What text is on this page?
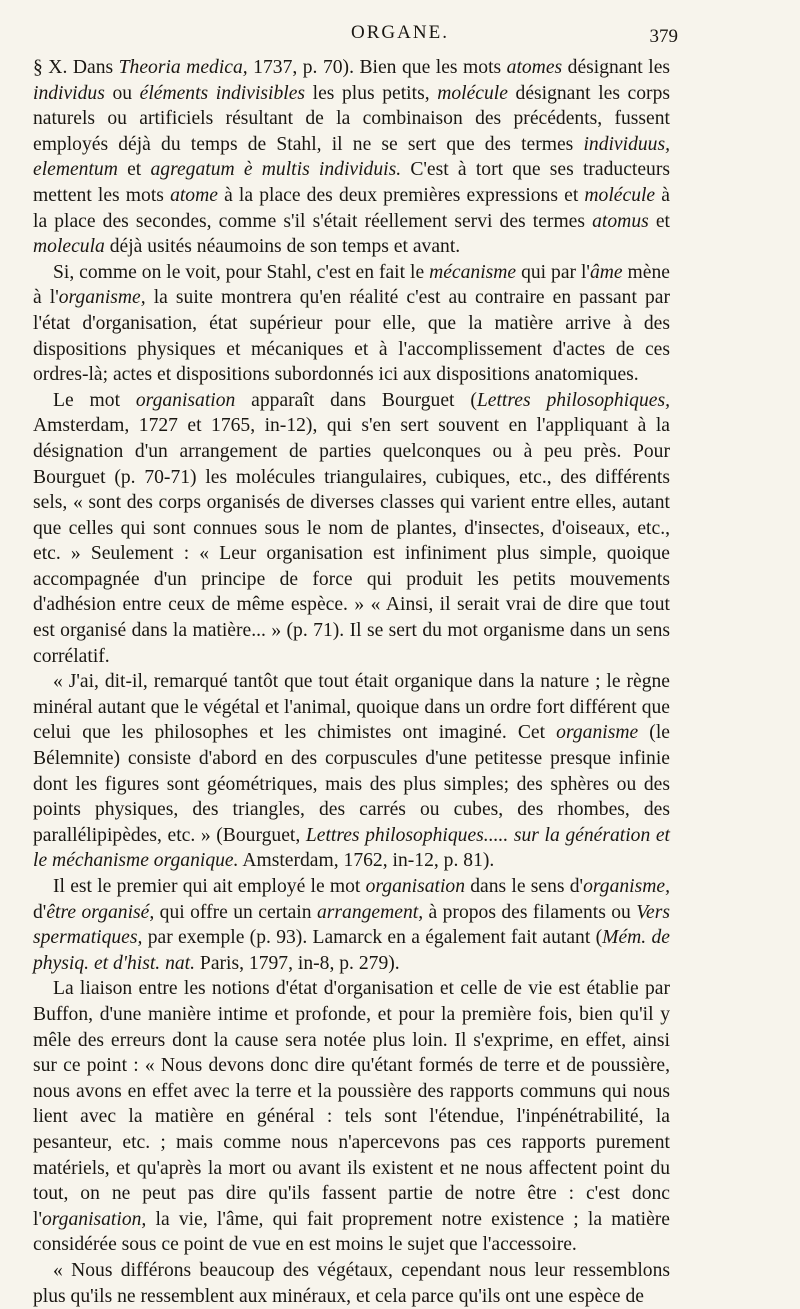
ORGANE.	379

§ X. Dans Theoria medica, 1737, p. 70). Bien que les mots atomes désignant les individus ou éléments indivisibles les plus petits, molécule désignant les corps naturels ou artificiels résultant de la combinaison des précédents, fussent employés déjà du temps de Stahl, il ne se sert que des termes individuus, elementum et agregatum è multis individuis. C'est à tort que ses traducteurs mettent les mots atome à la place des deux premières expressions et molécule à la place des secondes, comme s'il s'était réellement servi des termes atomus et molecula déjà usités néaumoins de son temps et avant.

Si, comme on le voit, pour Stahl, c'est en fait le mécanisme qui par l'âme mène à l'organisme, la suite montrera qu'en réalité c'est au contraire en passant par l'état d'organisation, état supérieur pour elle, que la matière arrive à des dispositions physiques et mécaniques et à l'accomplissement d'actes de ces ordres-là; actes et dispositions subordonnés ici aux dispositions anatomiques.

Le mot organisation apparaît dans Bourguet (Lettres philosophiques, Amsterdam, 1727 et 1765, in-12), qui s'en sert souvent en l'appliquant à la désignation d'un arrangement de parties quelconques ou à peu près. Pour Bourguet (p. 70-71) les molécules triangulaires, cubiques, etc., des différents sels, « sont des corps organisés de diverses classes qui varient entre elles, autant que celles qui sont connues sous le nom de plantes, d'insectes, d'oiseaux, etc., etc. » Seulement : « Leur organisation est infiniment plus simple, quoique accompagnée d'un principe de force qui produit les petits mouvements d'adhésion entre ceux de même espèce. » « Ainsi, il serait vrai de dire que tout est organisé dans la matière... » (p. 71). Il se sert du mot organisme dans un sens corrélatif.

« J'ai, dit-il, remarqué tantôt que tout était organique dans la nature ; le règne minéral autant que le végétal et l'animal, quoique dans un ordre fort différent que celui que les philosophes et les chimistes ont imaginé. Cet organisme (le Bélemnite) consiste d'abord en des corpuscules d'une petitesse presque infinie dont les figures sont géométriques, mais des plus simples; des sphères ou des points physiques, des triangles, des carrés ou cubes, des rhombes, des parallélipipèdes, etc. » (Bourguet, Lettres philosophiques..... sur la génération et le méchanisme organique. Amsterdam, 1762, in-12, p. 81).

Il est le premier qui ait employé le mot organisation dans le sens d'organisme, d'être organisé, qui offre un certain arrangement, à propos des filaments ou Vers spermatiques, par exemple (p. 93). Lamarck en a également fait autant (Mém. de physiq. et d'hist. nat. Paris, 1797, in-8, p. 279).

La liaison entre les notions d'état d'organisation et celle de vie est établie par Buffon, d'une manière intime et profonde, et pour la première fois, bien qu'il y mêle des erreurs dont la cause sera notée plus loin. Il s'exprime, en effet, ainsi sur ce point : « Nous devons donc dire qu'étant formés de terre et de poussière, nous avons en effet avec la terre et la poussière des rapports communs qui nous lient avec la matière en général : tels sont l'étendue, l'inpénétrabilité, la pesanteur, etc. ; mais comme nous n'apercevons pas ces rapports purement matériels, et qu'après la mort ou avant ils existent et ne nous affectent point du tout, on ne peut pas dire qu'ils fassent partie de notre être : c'est donc l'organisation, la vie, l'âme, qui fait proprement notre existence ; la matière considérée sous ce point de vue en est moins le sujet que l'accessoire.

« Nous différons beaucoup des végétaux, cependant nous leur ressemblons plus qu'ils ne ressemblent aux minéraux, et cela parce qu'ils ont une espèce de
